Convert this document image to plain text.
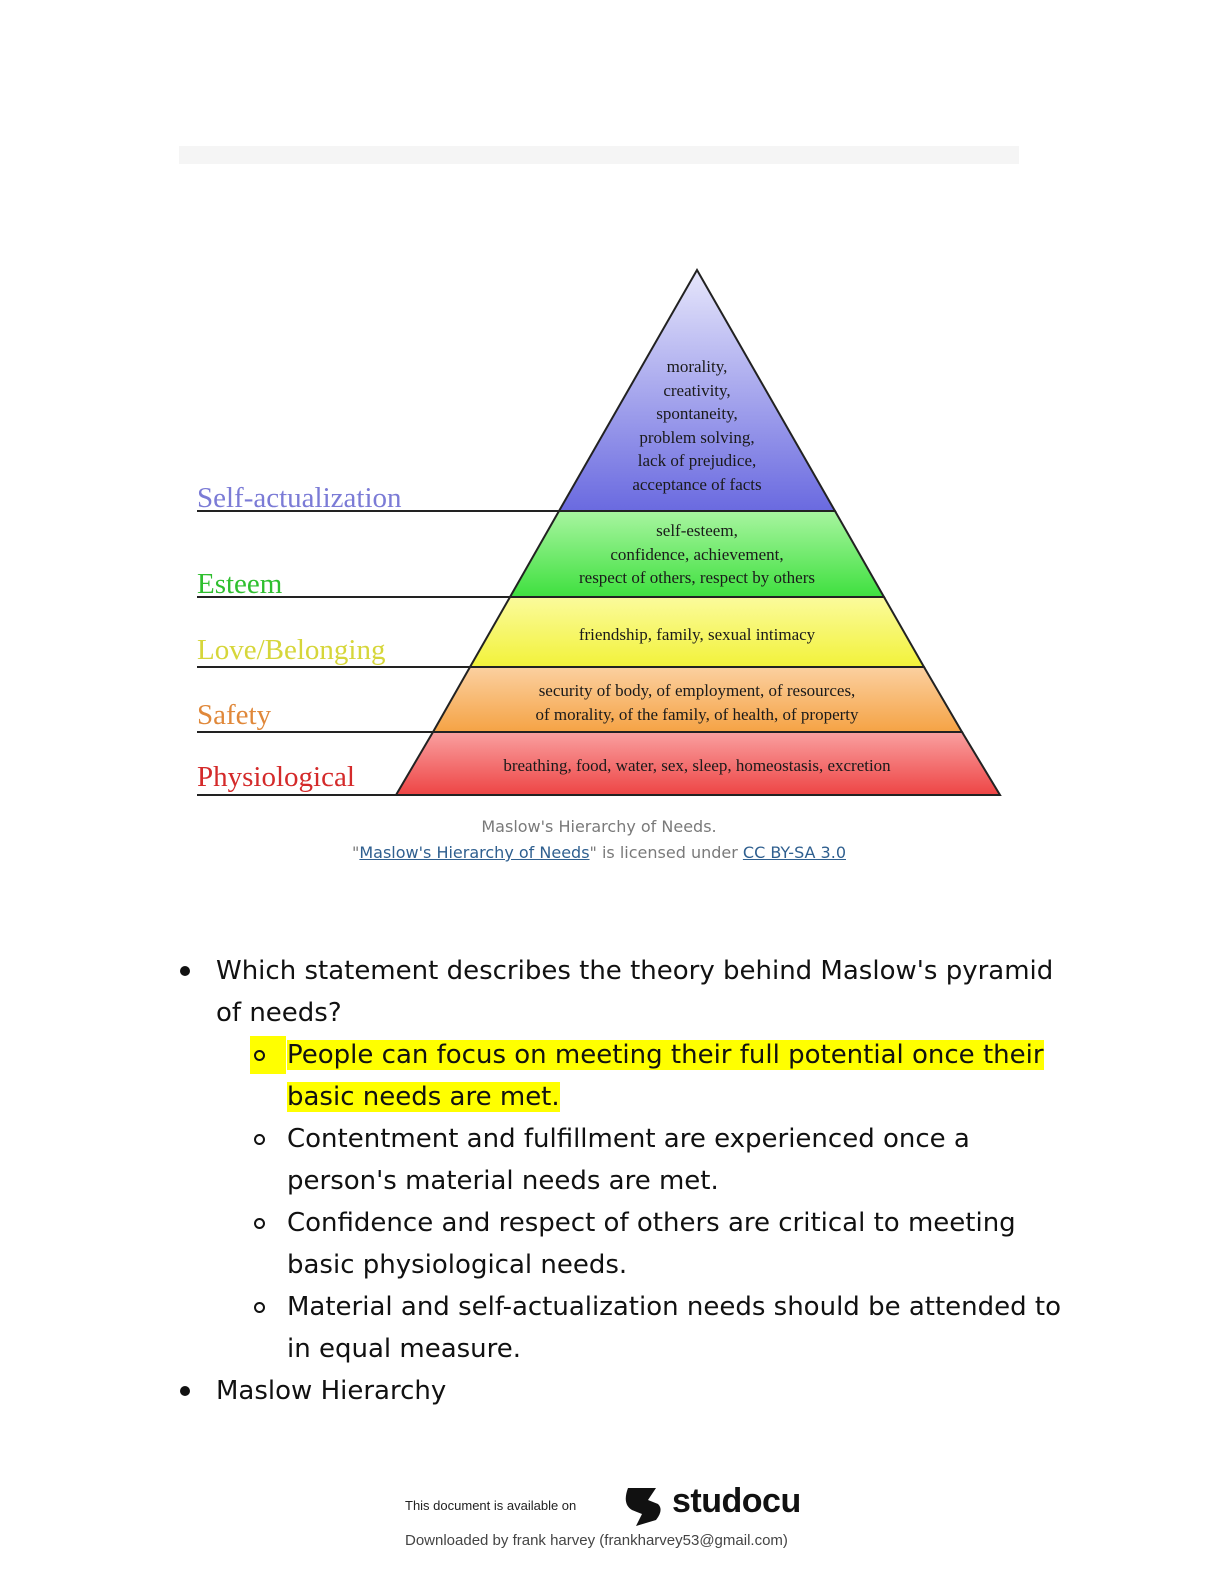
Self-actualization
Esteem
Love/Belonging
Safety
Physiological
morality,
creativity,
spontaneity,
problem solving,
lack of prejudice,
acceptance of facts
self-esteem,
confidence, achievement,
respect of others, respect by others
friendship, family, sexual intimacy
security of body, of employment, of resources,
of morality, of the family, of health, of property
breathing, food, water, sex, sleep, homeostasis, excretion
Maslow's Hierarchy of Needs.
"Maslow's Hierarchy of Needs" is licensed under CC BY-SA 3.0
Which statement describes the theory behind Maslow's pyramid of needs?
People can focus on meeting their full potential once their basic needs are met.
Contentment and fulfillment are experienced once a person's material needs are met.
Confidence and respect of others are critical to meeting basic physiological needs.
Material and self-actualization needs should be attended to in equal measure.
Maslow Hierarchy
This document is available on	studocu
Downloaded by frank harvey (frankharvey53@gmail.com)
